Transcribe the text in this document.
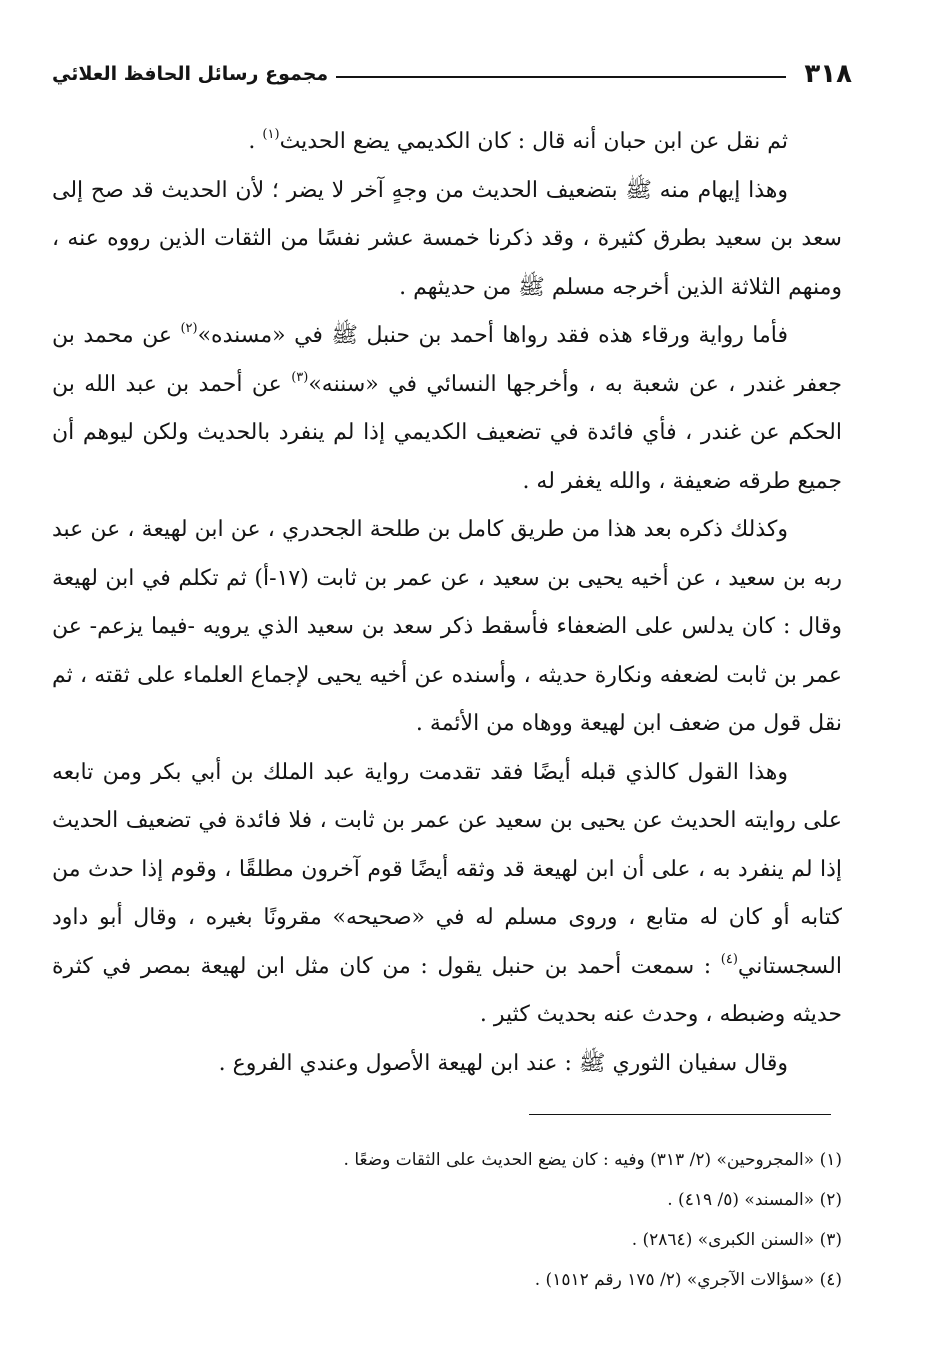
٣١٨
مجموع رسائل الحافظ العلائي

ثم نقل عن ابن حبان أنه قال : كان الكديمي يضع الحديث$^{(١)}$ .

وهذا إيهام منه ﷺ بتضعيف الحديث من وجهٍ آخر لا يضر ؛ لأن الحديث قد صح إلى سعد بن سعيد بطرق كثيرة ، وقد ذكرنا خمسة عشر نفسًا من الثقات الذين رووه عنه ، ومنهم الثلاثة الذين أخرجه مسلم ﷺ من حديثهم .

فأما رواية ورقاء هذه فقد رواها أحمد بن حنبل ﷺ في «مسنده»$^{(٢)}$ عن محمد بن جعفر غندر ، عن شعبة به ، وأخرجها النسائي في «سننه»$^{(٣)}$ عن أحمد بن عبد الله بن الحكم عن غندر ، فأي فائدة في تضعيف الكديمي إذا لم ينفرد بالحديث ولكن ليوهم أن جميع طرقه ضعيفة ، والله يغفر له .

وكذلك ذكره بعد هذا من طريق كامل بن طلحة الجحدري ، عن ابن لهيعة ، عن عبد ربه بن سعيد ، عن أخيه يحيى بن سعيد ، عن عمر بن ثابت (١٧-أ) ثم تكلم في ابن لهيعة وقال : كان يدلس على الضعفاء فأسقط ذكر سعد بن سعيد الذي يرويه -فيما يزعم- عن عمر بن ثابت لضعفه ونكارة حديثه ، وأسنده عن أخيه يحيى لإجماع العلماء على ثقته ، ثم نقل قول من ضعف ابن لهيعة ووهاه من الأئمة .

وهذا القول كالذي قبله أيضًا فقد تقدمت رواية عبد الملك بن أبي بكر ومن تابعه على روايته الحديث عن يحيى بن سعيد عن عمر بن ثابت ، فلا فائدة في تضعيف الحديث إذا لم ينفرد به ، على أن ابن لهيعة قد وثقه أيضًا قوم آخرون مطلقًا ، وقوم إذا حدث من كتابه أو كان له متابع ، وروى مسلم له في «صحيحه» مقرونًا بغيره ، وقال أبو داود السجستاني$^{(٤)}$ : سمعت أحمد بن حنبل يقول : من كان مثل ابن لهيعة بمصر في كثرة حديثه وضبطه ، وحدث عنه بحديث كثير .

وقال سفيان الثوري ﷺ : عند ابن لهيعة الأصول وعندي الفروع .

(١) «المجروحين» (٢/ ٣١٣) وفيه : كان يضع الحديث على الثقات وضعًا .
(٢) «المسند» (٥/ ٤١٩) .
(٣) «السنن الكبرى» (٢٨٦٤) .
(٤) «سؤالات الآجري» (٢/ ١٧٥ رقم ١٥١٢) .
